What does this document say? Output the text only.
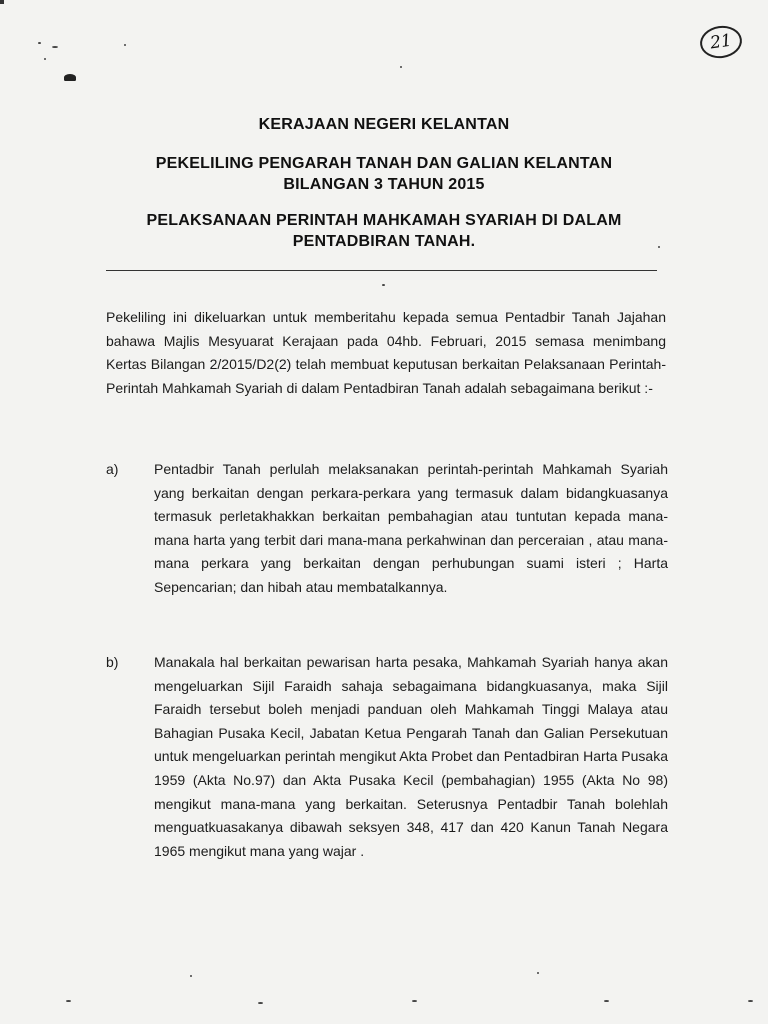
21
KERAJAAN NEGERI KELANTAN
PEKELILING PENGARAH TANAH DAN GALIAN KELANTAN
BILANGAN 3 TAHUN 2015
PELAKSANAAN PERINTAH MAHKAMAH SYARIAH DI DALAM
PENTADBIRAN TANAH.
Pekeliling ini dikeluarkan untuk memberitahu kepada semua Pentadbir Tanah Jajahan bahawa Majlis Mesyuarat Kerajaan pada 04hb. Februari, 2015 semasa menimbang Kertas Bilangan 2/2015/D2(2) telah membuat keputusan berkaitan Pelaksanaan Perintah-Perintah Mahkamah Syariah di dalam Pentadbiran Tanah adalah sebagaimana berikut :-
a)	Pentadbir Tanah perlulah melaksanakan perintah-perintah Mahkamah Syariah yang berkaitan dengan perkara-perkara yang termasuk dalam bidangkuasanya termasuk perletakhakkan berkaitan pembahagian atau tuntutan kepada mana-mana harta yang terbit dari mana-mana perkahwinan dan perceraian , atau mana-mana perkara yang berkaitan dengan perhubungan suami isteri ; Harta Sepencarian; dan hibah atau membatalkannya.
b)	Manakala hal berkaitan pewarisan harta pesaka, Mahkamah Syariah hanya akan mengeluarkan Sijil Faraidh sahaja sebagaimana bidangkuasanya, maka Sijil Faraidh tersebut boleh menjadi panduan oleh Mahkamah Tinggi Malaya atau Bahagian Pusaka Kecil, Jabatan Ketua Pengarah Tanah dan Galian Persekutuan untuk mengeluarkan perintah mengikut Akta Probet dan Pentadbiran Harta Pusaka 1959 (Akta No.97) dan Akta Pusaka Kecil (pembahagian) 1955 (Akta No 98) mengikut mana-mana yang berkaitan. Seterusnya Pentadbir Tanah bolehlah menguatkuasakanya dibawah seksyen 348, 417 dan 420 Kanun Tanah Negara 1965 mengikut mana yang wajar .
